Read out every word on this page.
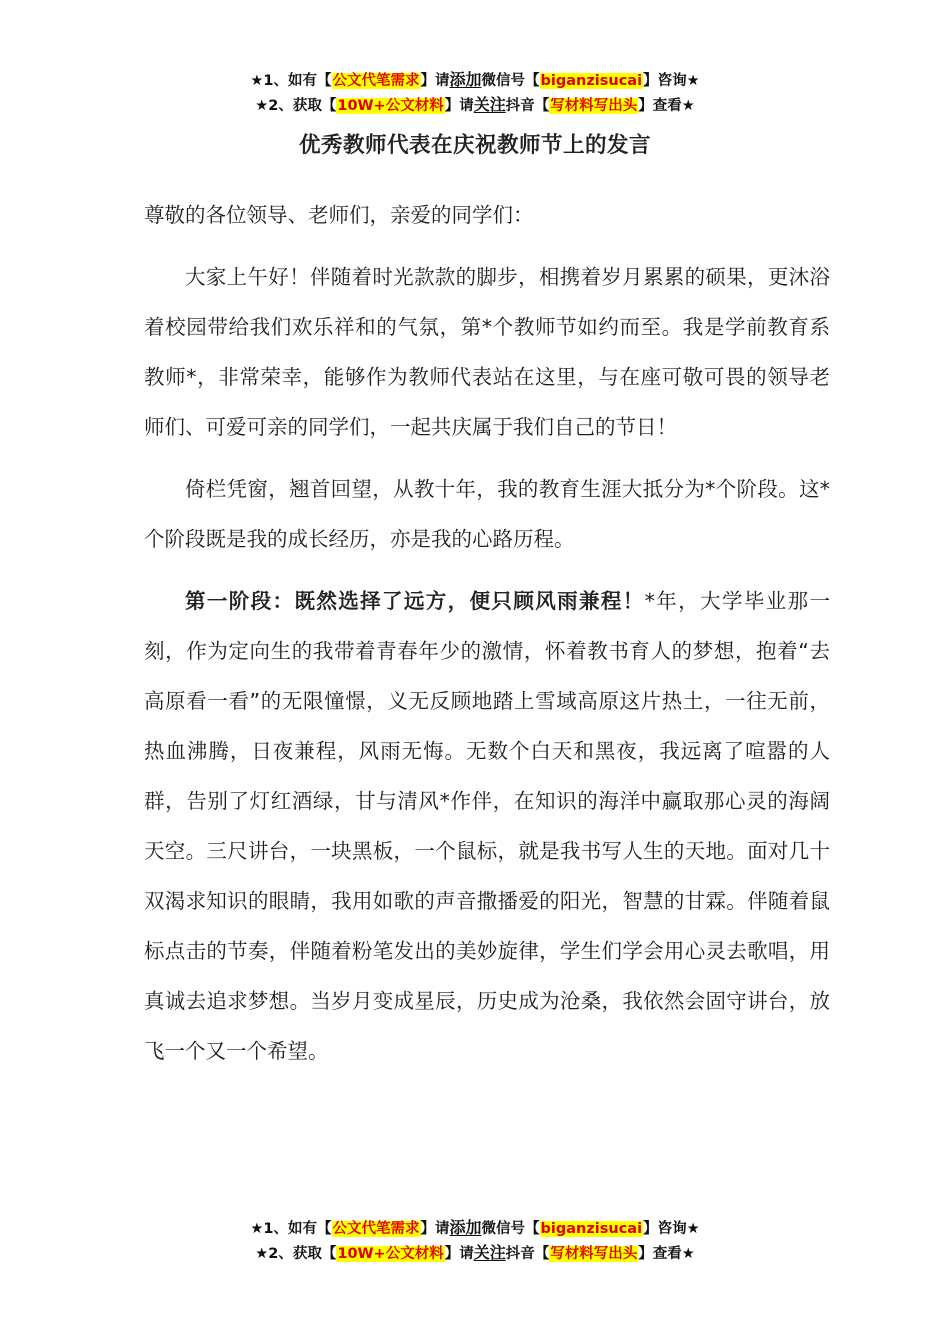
★1、如有【公文代笔需求】请添加微信号【biganzisucai】咨询★
★2、获取【10W+公文材料】请关注抖音【写材料写出头】查看★
优秀教师代表在庆祝教师节上的发言

尊敬的各位领导、老师们，亲爱的同学们：

大家上午好！伴随着时光款款的脚步，相携着岁月累累的硕果，更沐浴着校园带给我们欢乐祥和的气氛，第*个教师节如约而至。我是学前教育系教师*，非常荣幸，能够作为教师代表站在这里，与在座可敬可畏的领导老师们、可爱可亲的同学们，一起共庆属于我们自己的节日！

倚栏凭窗，翘首回望，从教十年，我的教育生涯大抵分为*个阶段。这*个阶段既是我的成长经历，亦是我的心路历程。

第一阶段：既然选择了远方，便只顾风雨兼程！*年，大学毕业那一刻，作为定向生的我带着青春年少的激情，怀着教书育人的梦想，抱着“去高原看一看”的无限憧憬，义无反顾地踏上雪域高原这片热土，一往无前，热血沸腾，日夜兼程，风雨无悔。无数个白天和黑夜，我远离了喧嚣的人群，告别了灯红酒绿，甘与清风*作伴，在知识的海洋中赢取那心灵的海阔天空。三尺讲台，一块黑板，一个鼠标，就是我书写人生的天地。面对几十双渴求知识的眼睛，我用如歌的声音撒播爱的阳光，智慧的甘霖。伴随着鼠标点击的节奏，伴随着粉笔发出的美妙旋律，学生们学会用心灵去歌唱，用真诚去追求梦想。当岁月变成星辰，历史成为沧桑，我依然会固守讲台，放飞一个又一个希望。

★1、如有【公文代笔需求】请添加微信号【biganzisucai】咨询★
★2、获取【10W+公文材料】请关注抖音【写材料写出头】查看★
